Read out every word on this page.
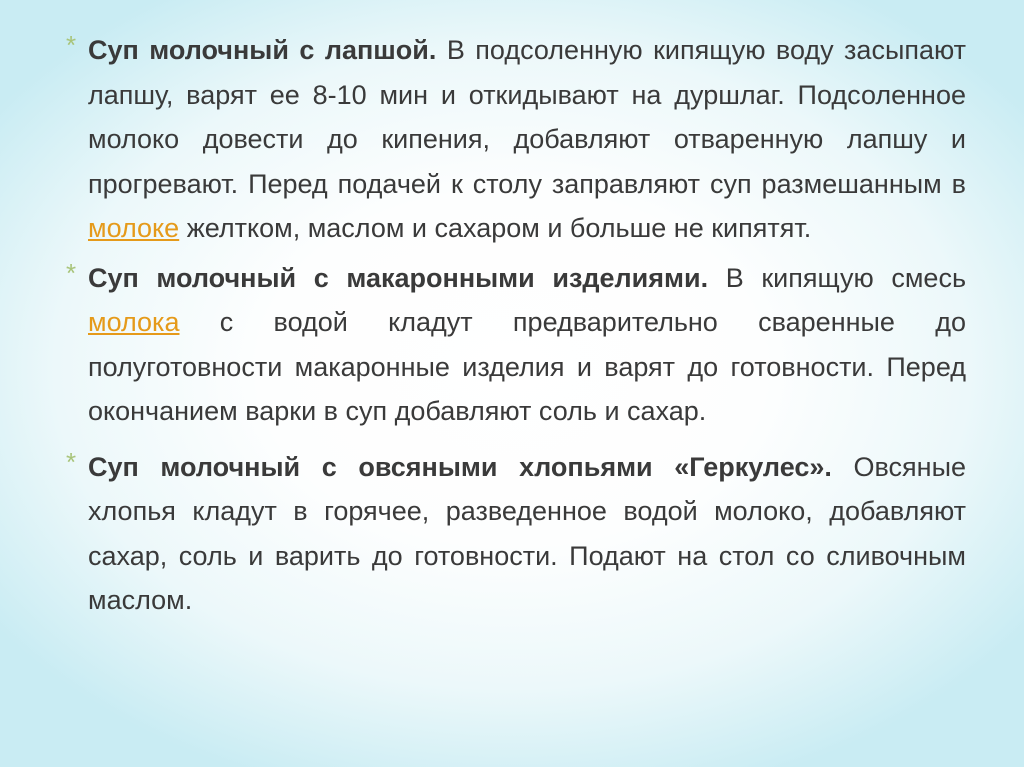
* Суп молочный с лапшой. В подсоленную кипящую воду засыпают лапшу, варят ее 8-10 мин и откидывают на дуршлаг. Подсоленное молоко довести до кипения, добавляют отваренную лапшу и прогревают. Перед подачей к столу заправляют суп размешанным в молоке желтком, маслом и сахаром и больше не кипятят.

* Суп молочный с макаронными изделиями. В кипящую смесь молока с водой кладут предварительно сваренные до полуготовности макаронные изделия и варят до готовности. Перед окончанием варки в суп добавляют соль и сахар.

* Суп молочный с овсяными хлопьями «Геркулес». Овсяные хлопья кладут в горячее, разведенное водой молоко, добавляют сахар, соль и варить до готовности. Подают на стол со сливочным маслом.
